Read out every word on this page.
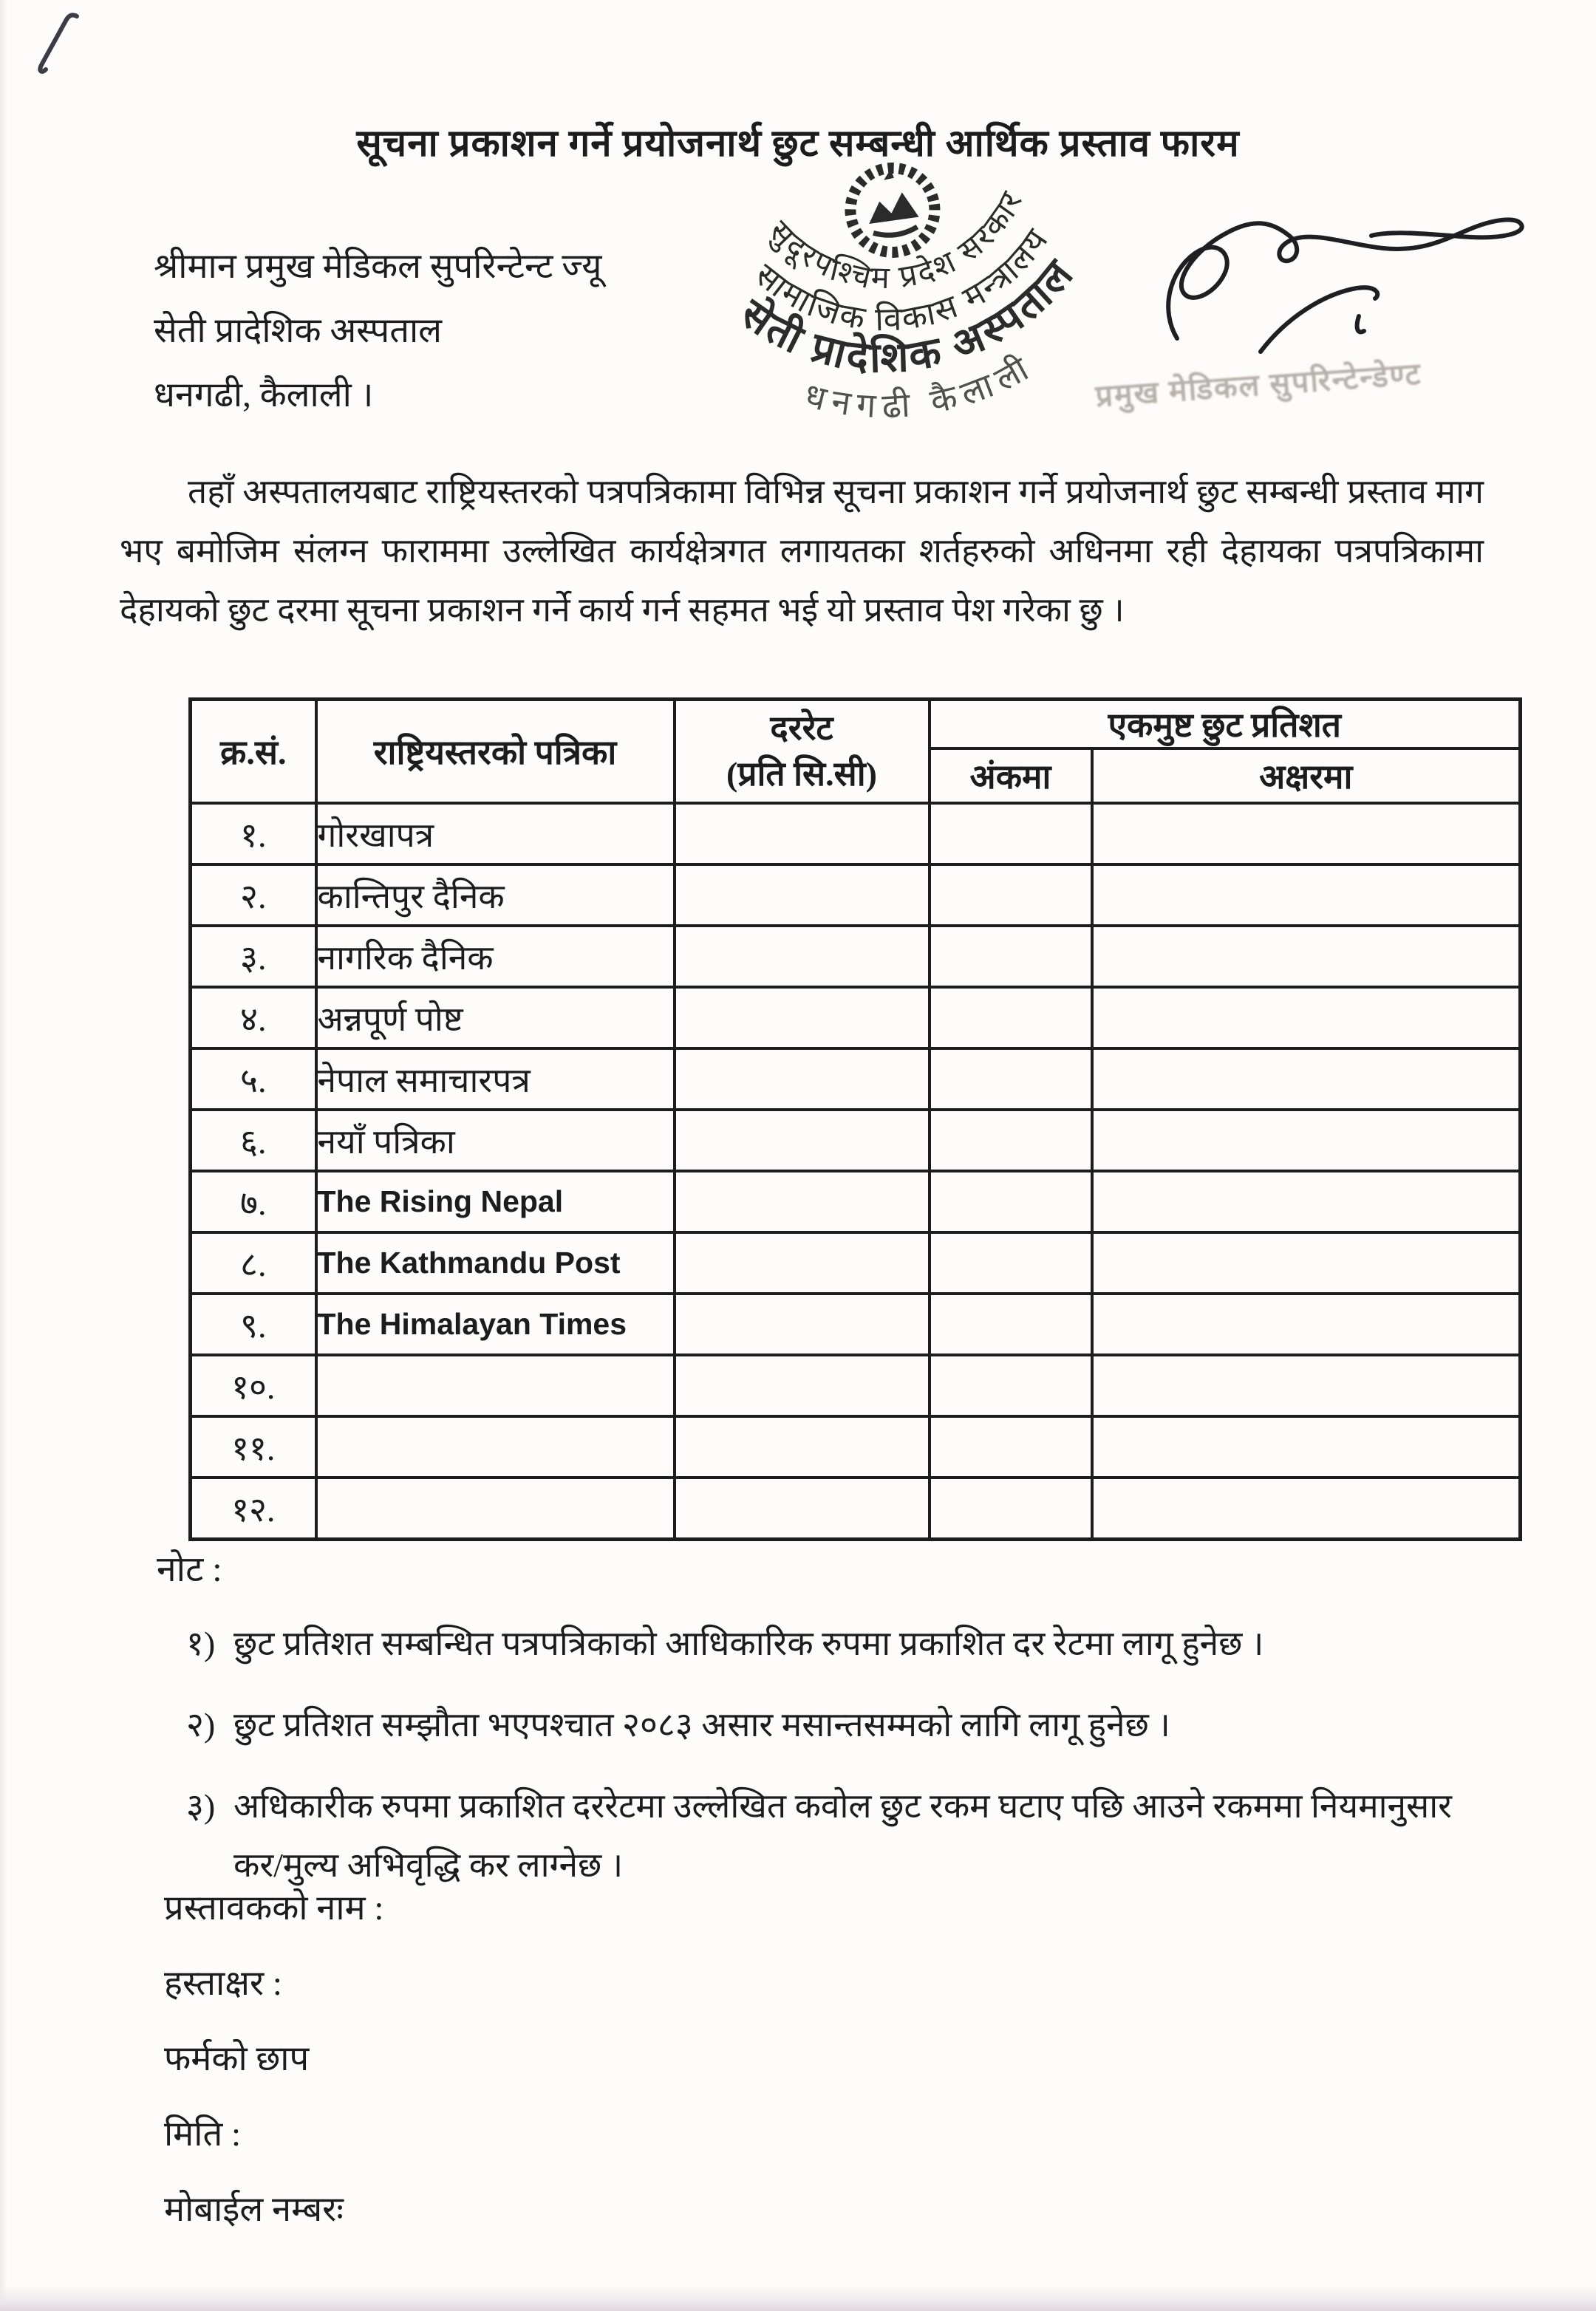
सूचना प्रकाशन गर्ने प्रयोजनार्थ छुट सम्बन्धी आर्थिक प्रस्ताव फारम
श्रीमान प्रमुख मेडिकल सुपरिन्टेन्ट ज्यू
सेती प्रादेशिक अस्पताल
धनगढी, कैलाली ।	प्रमुख मेडिकल सुपरिन्टेन्डेण्ट
सुदूरपश्चिम प्रदेश सरकार
सामाजिक विकास मन्त्रालय
सेती प्रादेशिक अस्पताल
धनगढी कैलाली
तहाँ अस्पतालयबाट राष्ट्रियस्तरको पत्रपत्रिकामा विभिन्न सूचना प्रकाशन गर्ने प्रयोजनार्थ छुट सम्बन्धी प्रस्ताव माग भए बमोजिम संलग्न फाराममा उल्लेखित कार्यक्षेत्रगत लगायतका शर्तहरुको अधिनमा रही देहायका पत्रपत्रिकामा देहायको छुट दरमा सूचना प्रकाशन गर्ने कार्य गर्न सहमत भई यो प्रस्ताव पेश गरेका छु ।
क्र.सं.	राष्ट्रियस्तरको पत्रिका	दररेट
(प्रति सि.सी)	एकमुष्ट छुट प्रतिशत	
			अंकमा	अक्षरमा
१.	गोरखापत्र			
२.	कान्तिपुर दैनिक			
३.	नागरिक दैनिक			
४.	अन्नपूर्ण पोष्ट			
५.	नेपाल समाचारपत्र			
६.	नयाँ पत्रिका			
७.	The Rising Nepal			
८.	The Kathmandu Post			
९.	The Himalayan Times			
१०.				
११.				
१२.				
नोट :
१) छुट प्रतिशत सम्बन्धित पत्रपत्रिकाको आधिकारिक रुपमा प्रकाशित दर रेटमा लागू हुनेछ ।
२) छुट प्रतिशत सम्झौता भएपश्चात २०८३ असार मसान्तसम्मको लागि लागू हुनेछ ।
३) अधिकारीक रुपमा प्रकाशित दररेटमा उल्लेखित कवोल छुट रकम घटाए पछि आउने रकममा नियमानुसार कर/मुल्य अभिवृद्धि कर लाग्नेछ ।
प्रस्तावकको नाम :
हस्ताक्षर :
फर्मको छाप
मिति :
मोबाईल नम्बरः
